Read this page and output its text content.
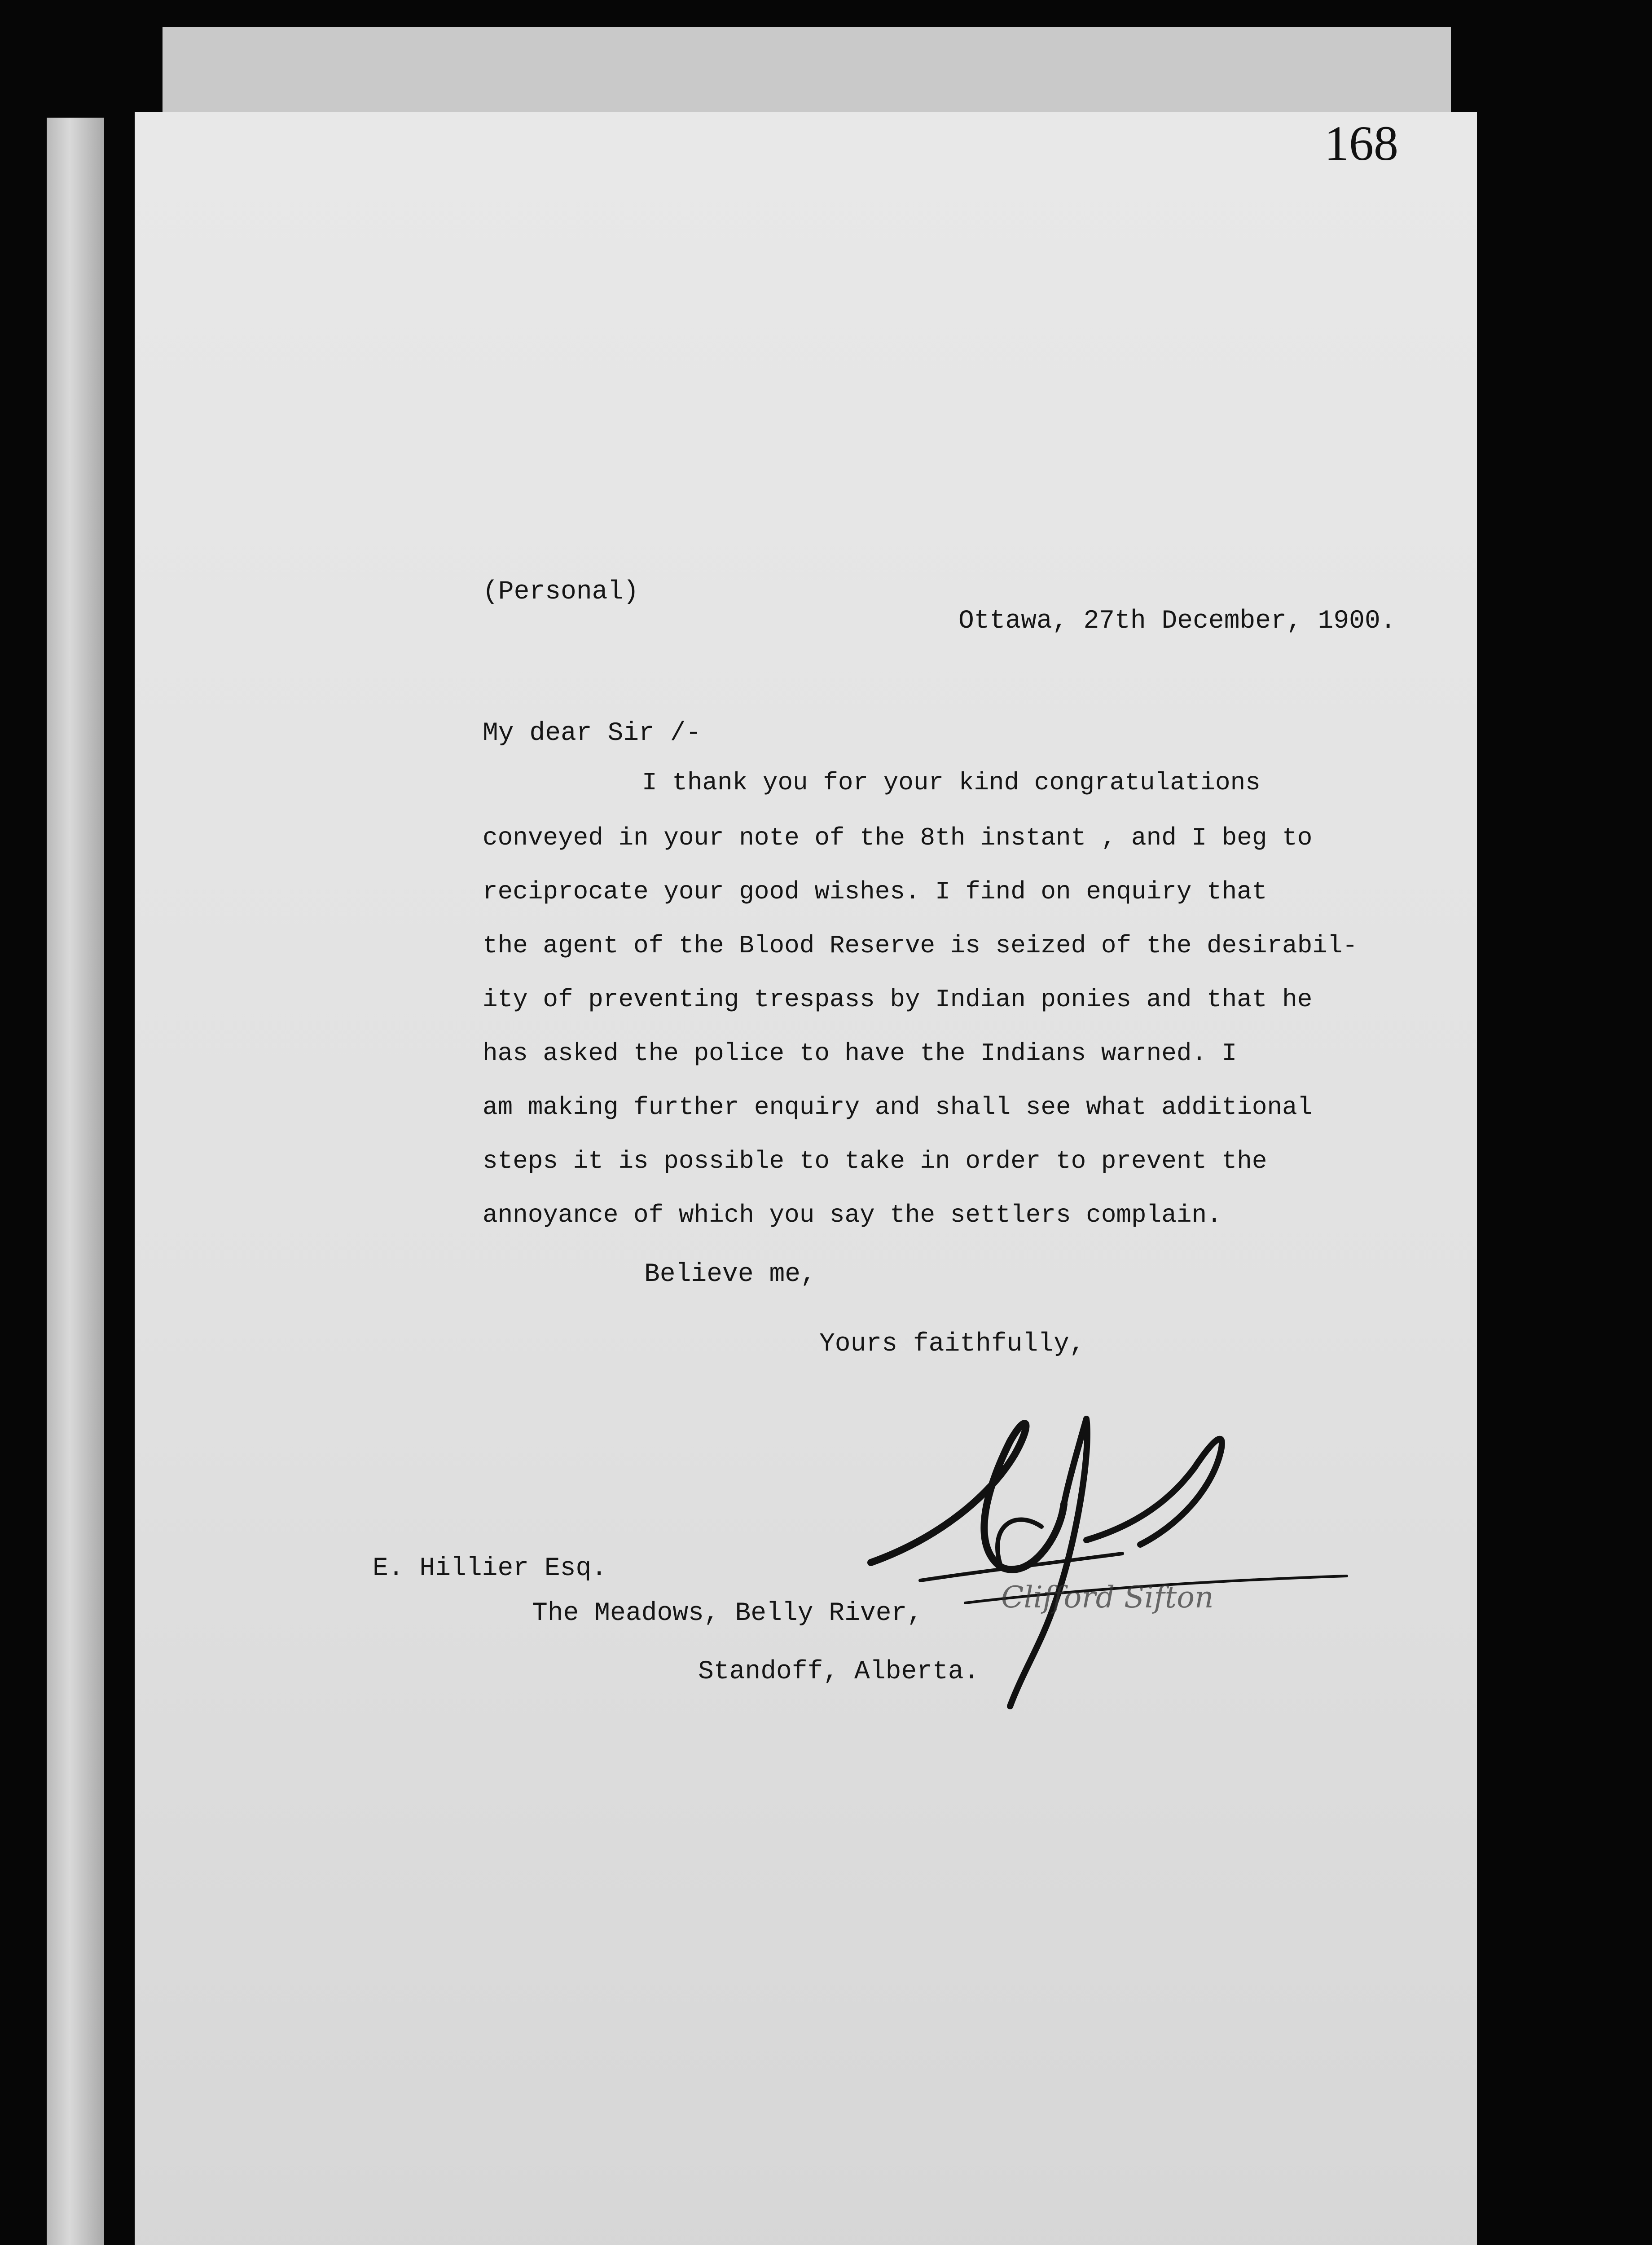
168
(Personal)
Ottawa, 27th December, 1900.
My dear Sir /-
I thank you for your kind congratulations
conveyed in your note of the 8th instant , and I beg to
reciprocate your good wishes. I find on enquiry that
the agent of the Blood Reserve is seized of the desirabil-
ity of preventing trespass by Indian ponies and that he
has asked the police to have the Indians warned. I
am making further enquiry and shall see what additional
steps it is possible to take in order to prevent the
annoyance of which you say the settlers complain.
Believe me,
Yours faithfully,
E. Hillier Esq.
The Meadows, Belly River,
Standoff, Alberta.
Clifford Sifton
